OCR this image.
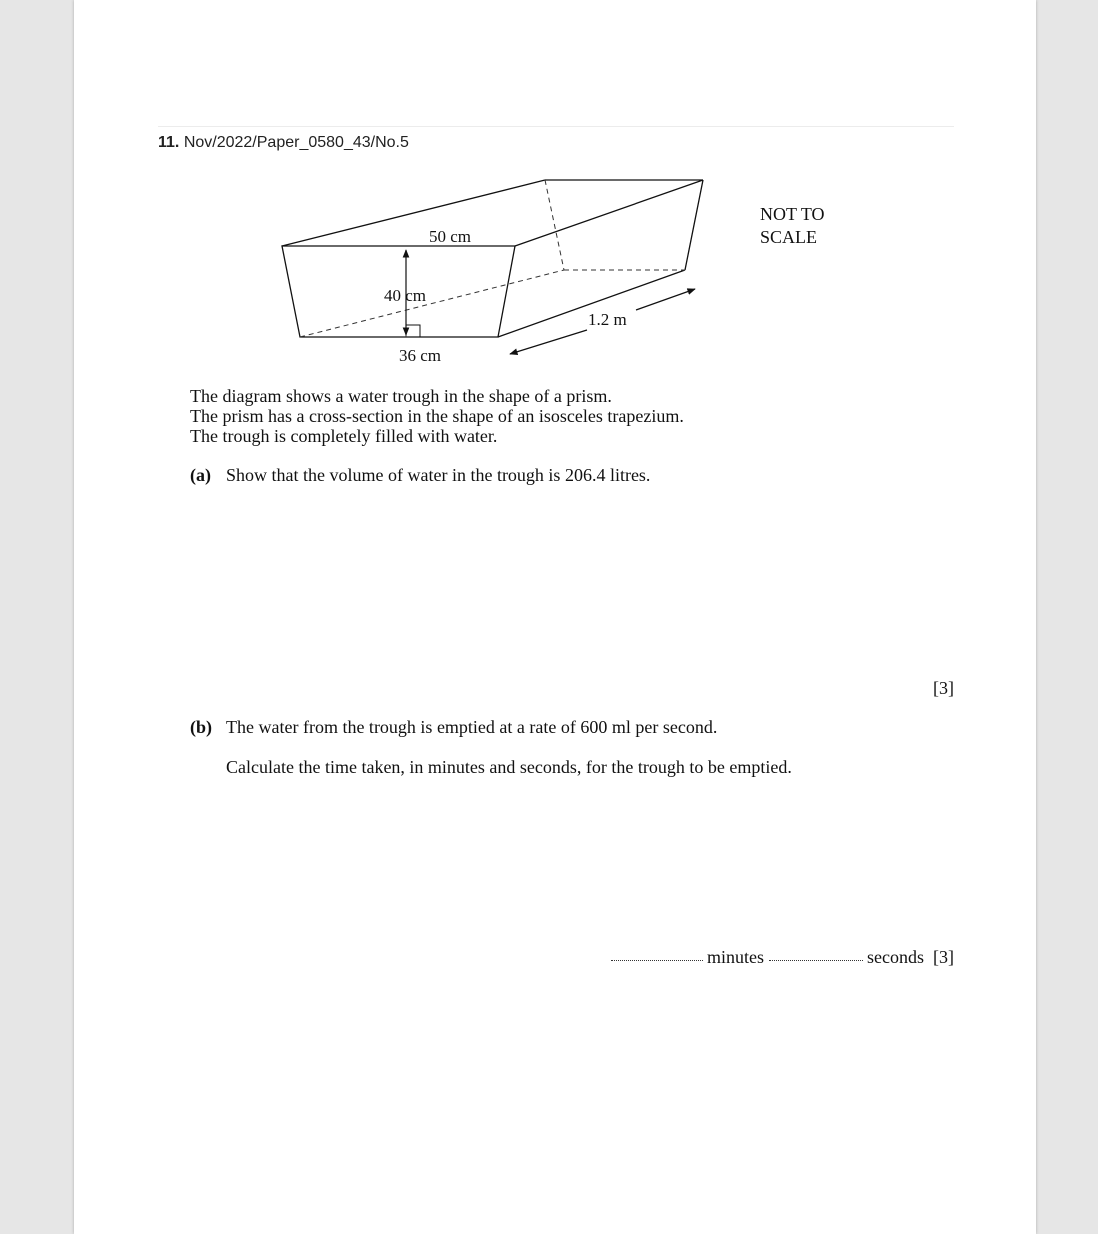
11. Nov/2022/Paper_0580_43/No.5
50 cm
40 cm
36 cm
1.2 m
NOT TO
SCALE
The diagram shows a water trough in the shape of a prism.
The prism has a cross-section in the shape of an isosceles trapezium.
The trough is completely filled with water.
(a) Show that the volume of water in the trough is 206.4 litres.
[3]
(b) The water from the trough is emptied at a rate of 600 ml per second.
Calculate the time taken, in minutes and seconds, for the trough to be emptied.
minutes	seconds [3]
